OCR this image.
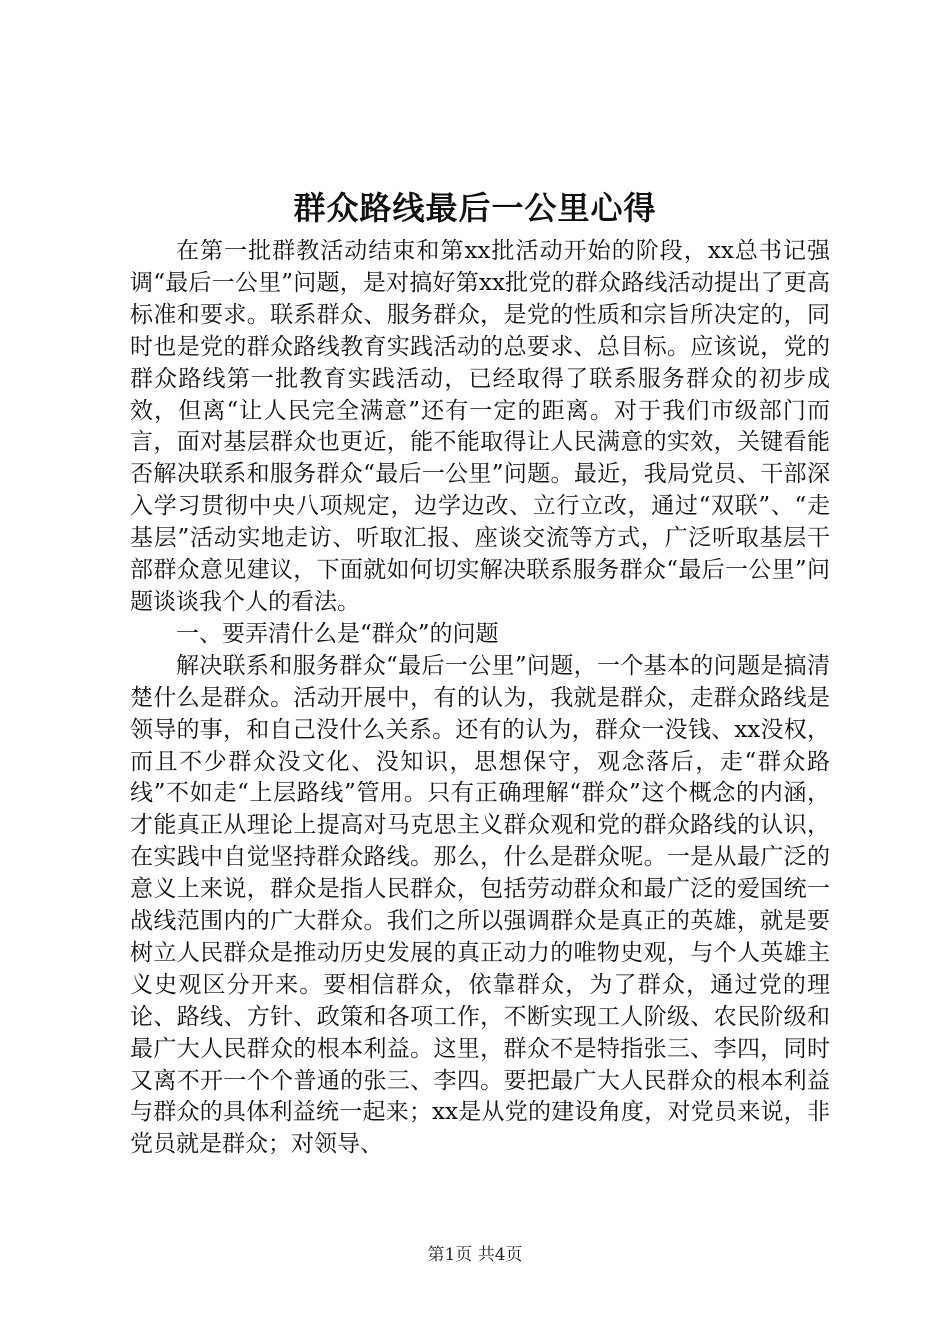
群众路线最后一公里心得

在第一批群教活动结束和第xx批活动开始的阶段，xx总书记强调“最后一公里”问题，是对搞好第xx批党的群众路线活动提出了更高标准和要求。联系群众、服务群众，是党的性质和宗旨所决定的，同时也是党的群众路线教育实践活动的总要求、总目标。应该说，党的群众路线第一批教育实践活动，已经取得了联系服务群众的初步成效，但离“让人民完全满意”还有一定的距离。对于我们市级部门而言，面对基层群众也更近，能不能取得让人民满意的实效，关键看能否解决联系和服务群众“最后一公里”问题。最近，我局党员、干部深入学习贯彻中央八项规定，边学边改、立行立改，通过“双联”、“走基层”活动实地走访、听取汇报、座谈交流等方式，广泛听取基层干部群众意见建议，下面就如何切实解决联系服务群众“最后一公里”问题谈谈我个人的看法。

一、要弄清什么是“群众”的问题

解决联系和服务群众“最后一公里”问题，一个基本的问题是搞清楚什么是群众。活动开展中，有的认为，我就是群众，走群众路线是领导的事，和自己没什么关系。还有的认为，群众一没钱、xx没权，而且不少群众没文化、没知识，思想保守，观念落后，走“群众路线”不如走“上层路线”管用。只有正确理解“群众”这个概念的内涵，才能真正从理论上提高对马克思主义群众观和党的群众路线的认识，在实践中自觉坚持群众路线。那么，什么是群众呢。一是从最广泛的意义上来说，群众是指人民群众，包括劳动群众和最广泛的爱国统一战线范围内的广大群众。我们之所以强调群众是真正的英雄，就是要树立人民群众是推动历史发展的真正动力的唯物史观，与个人英雄主义史观区分开来。要相信群众，依靠群众，为了群众，通过党的理论、路线、方针、政策和各项工作，不断实现工人阶级、农民阶级和最广大人民群众的根本利益。这里，群众不是特指张三、李四，同时又离不开一个个普通的张三、李四。要把最广大人民群众的根本利益与群众的具体利益统一起来；xx是从党的建设角度，对党员来说，非党员就是群众；对领导、

第1页 共4页
